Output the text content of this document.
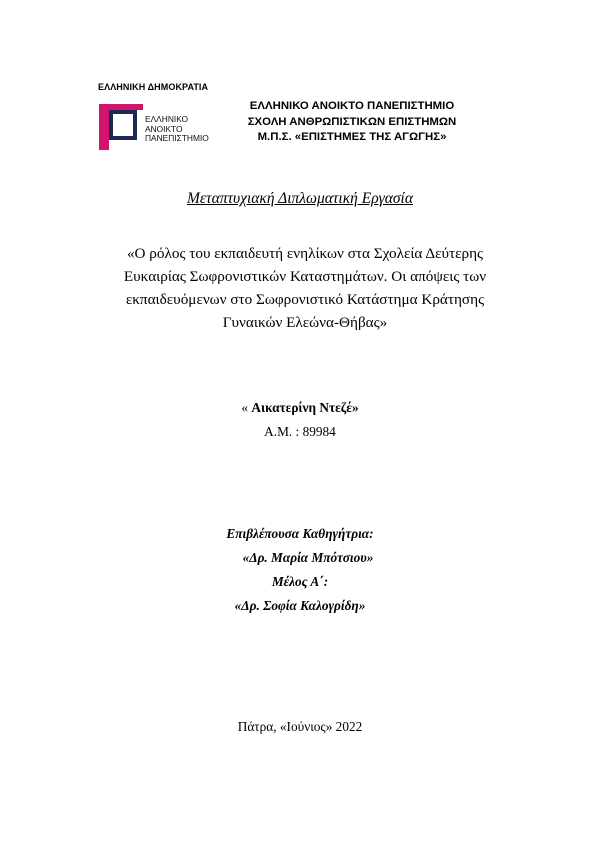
ΕΛΛΗΝΙΚΗ ΔΗΜΟΚΡΑΤΙΑ
ΕΛΛΗΝΙΚΟ
ΑΝΟΙΚΤΟ
ΠΑΝΕΠΙΣΤΗΜΙΟ
ΕΛΛΗΝΙΚΟ ΑΝΟΙΚΤΟ ΠΑΝΕΠΙΣΤΗΜΙΟ
ΣΧΟΛΗ ΑΝΘΡΩΠΙΣΤΙΚΩΝ ΕΠΙΣΤΗΜΩΝ
Μ.Π.Σ. «ΕΠΙΣΤΗΜΕΣ ΤΗΣ ΑΓΩΓΗΣ»
Μεταπτυχιακή Διπλωματική Εργασία
«Ο ρόλος του εκπαιδευτή ενηλίκων στα Σχολεία Δεύτερης Ευκαιρίας Σωφρονιστικών Καταστημάτων. Οι απόψεις των εκπαιδευόμενων στο Σωφρονιστικό Κατάστημα Κράτησης Γυναικών Ελεώνα-Θήβας»
« Αικατερίνη Ντεζέ»
Α.Μ. : 89984
Επιβλέπουσα Καθηγήτρια:
«Δρ. Μαρία Μπότσιου»
Μέλος Α΄:
«Δρ. Σοφία Καλογρίδη»
Πάτρα, «Ιούνιος» 2022
